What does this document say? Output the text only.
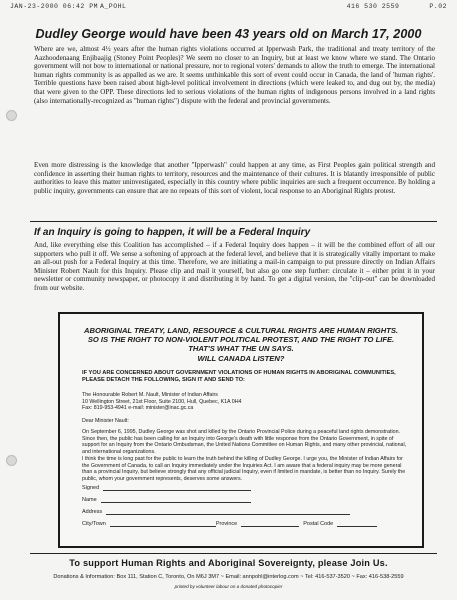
JAN-23-2000 06:42 PM A_POHL	416 530 2559	P.02
Dudley George would have been 43 years old on March 17, 2000
Where are we, almost 4½ years after the human rights violations occurred at Ipperwash Park, the traditional and treaty territory of the Aazhoodenaang Enjibaajig (Stoney Point Peoples)? We seem no closer to an Inquiry, but at least we know where we stand. The Ontario government will not bow to international or national pressure, nor to regional voters' demands to allow the truth to emerge. The international human rights community is as appalled as we are. It seems unthinkable this sort of event could occur in Canada, the land of 'human rights'. Terrible questions have been raised about high-level political involvement in directions (which were leaked to, and dug out by, the media) that were given to the OPP. These directions led to serious violations of the human rights of indigenous persons involved in a land rights (also internationally-recognized as "human rights") dispute with the federal and provincial governments.
Even more distressing is the knowledge that another "Ipperwash" could happen at any time, as First Peoples gain political strength and confidence in asserting their human rights to territory, resources and the maintenance of their cultures. It is blatantly irresponsible of public authorities to leave this matter uninvestigated, especially in this country where public inquiries are such a frequent occurrence. By holding a public inquiry, governments can ensure that are no repeats of this sort of violent, local response to an Aboriginal Rights protest.
If an Inquiry is going to happen, it will be a Federal Inquiry
And, like everything else this Coalition has accomplished – if a Federal Inquiry does happen – it will be the combined effort of all our supporters who pull it off. We sense a softening of approach at the federal level, and believe that it is strategically vitally important to make an all-out push for a Federal Inquiry at this time. Therefore, we are initiating a mail-in campaign to put pressure directly on Indian Affairs Minister Robert Nault for this Inquiry. Please clip and mail it yourself, but also go one step further: circulate it – either print it in your newsletter or community newspaper, or photocopy it and distributing it by hand. To get a digital version, the "clip-out" can be downloaded from our website.
ABORIGINAL TREATY, LAND, RESOURCE & CULTURAL RIGHTS ARE HUMAN RIGHTS.
SO IS THE RIGHT TO NON-VIOLENT POLITICAL PROTEST, AND THE RIGHT TO LIFE.
THAT'S WHAT THE UN SAYS.
WILL CANADA LISTEN?
IF YOU ARE CONCERNED ABOUT GOVERNMENT VIOLATIONS OF HUMAN RIGHTS IN ABORIGINAL COMMUNITIES,
PLEASE DETACH THE FOLLOWING, SIGN IT AND SEND TO:
The Honourable Robert M. Nault, Minister of Indian Affairs
10 Wellington Street, 21st Floor, Suite 2100, Hull, Quebec, K1A 0H4
Fax: 819-953-4941 e-mail: minister@inac.gc.ca
Dear Minister Nault:
On September 6, 1995, Dudley George was shot and killed by the Ontario Provincial Police during a peaceful land rights demonstration. Since then, the public has been calling for an Inquiry into George's death with little response from the Ontario Government, in spite of support for an Inquiry from the Ontario Ombudsman, the United Nations Committee on Human Rights, and many other provincial, national, and international organizations.
I think the time is long past for the public to learn the truth behind the killing of Dudley George. I urge you, the Minister of Indian Affairs for the Government of Canada, to call an Inquiry immediately under the Inquiries Act. I am aware that a federal inquiry may be more general than a provincial Inquiry, but believe strongly that any official judicial Inquiry, even if limited in mandate, is better than no Inquiry. Surely the public, whom your government represents, deserves some answers.
Signed
Name
Address
City/Town	Province	Postal Code
To support Human Rights and Aboriginal Sovereignty, please Join Us.
Donations & Information: Box 111, Station C, Toronto, On M6J 3M7 ~ Email: annpohl@interlog.com ~ Tel: 416-537-3520 ~ Fax: 416-538-2559
printed by volunteer labour on a donated photocopier
